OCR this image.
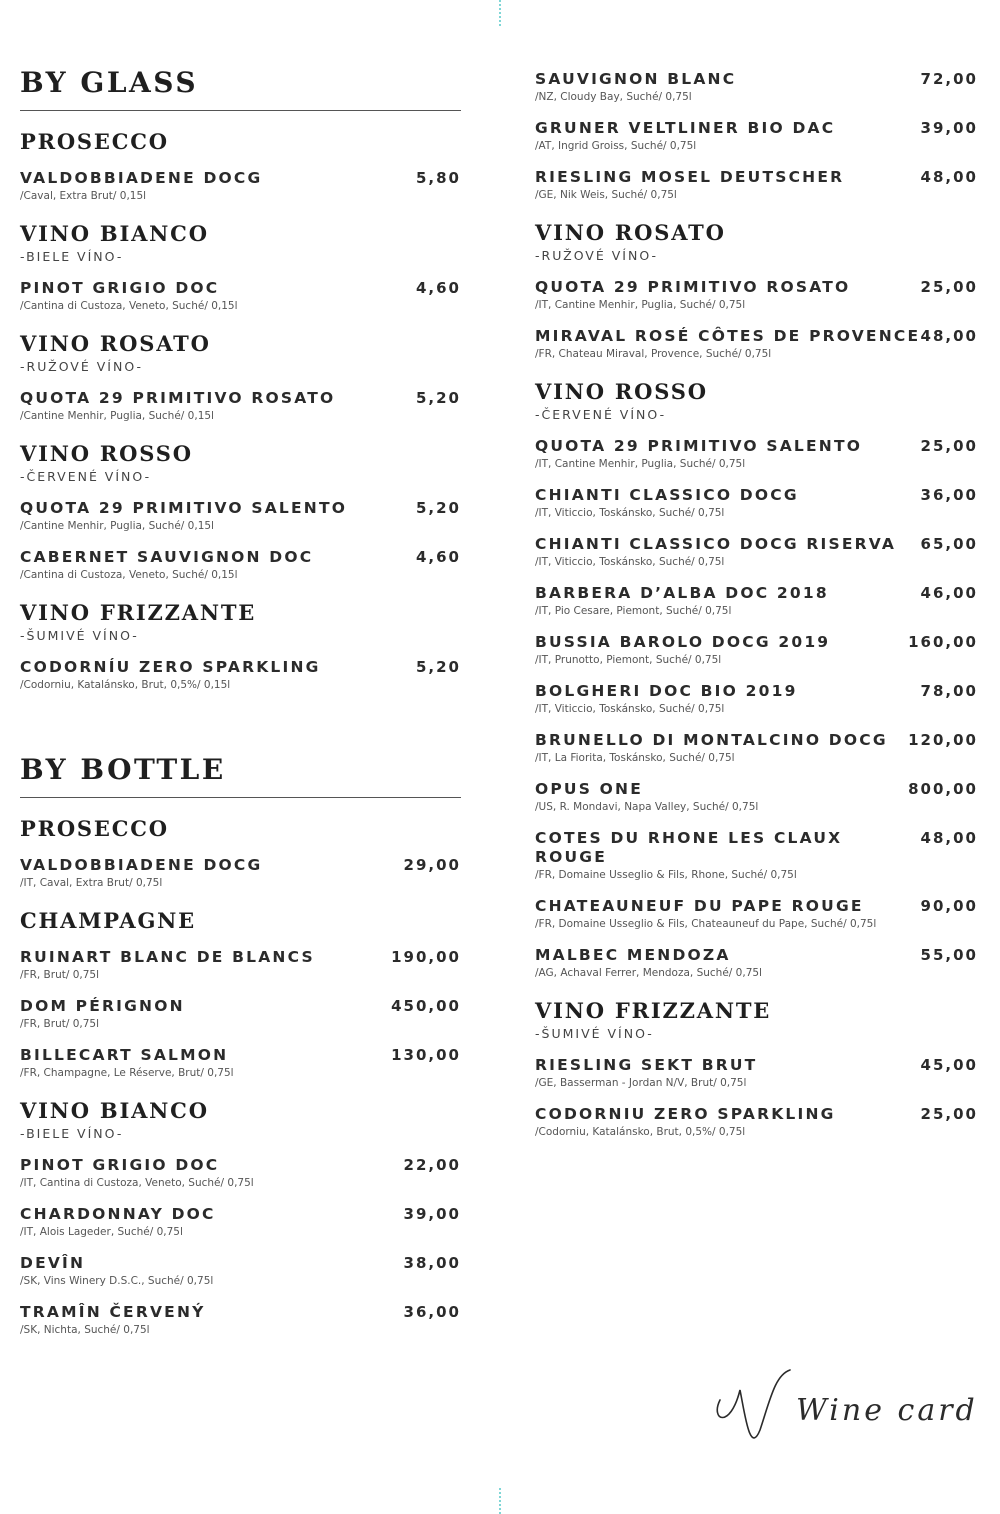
BY GLASS
PROSECCO
VALDOBBIADENE DOCG
/Caval, Extra Brut/ 0,15l
5,80
VINO BIANCO
-BIELE VÍNO-
PINOT GRIGIO DOC
/Cantina di Custoza, Veneto, Suché/ 0,15l
4,60
VINO ROSATO
-RUŽOVÉ VÍNO-
QUOTA 29 PRIMITIVO ROSATO
/Cantine Menhir, Puglia, Suché/ 0,15l
5,20
VINO ROSSO
-ČERVENÉ VÍNO-
QUOTA 29 PRIMITIVO SALENTO
/Cantine Menhir, Puglia, Suché/ 0,15l
5,20
CABERNET SAUVIGNON DOC
/Cantina di Custoza, Veneto, Suché/ 0,15l
4,60
VINO FRIZZANTE
-ŠUMIVÉ VÍNO-
CODORNÍU ZERO SPARKLING
/Codorniu, Katalánsko, Brut, 0,5%/ 0,15l
5,20
BY BOTTLE
PROSECCO
VALDOBBIADENE DOCG
/IT, Caval, Extra Brut/ 0,75l
29,00
CHAMPAGNE
RUINART BLANC DE BLANCS
/FR, Brut/ 0,75l
190,00
DOM PÉRIGNON
/FR, Brut/ 0,75l
450,00
BILLECART SALMON
/FR, Champagne, Le Réserve, Brut/ 0,75l
130,00
VINO BIANCO
-BIELE VÍNO-
PINOT GRIGIO DOC
/IT, Cantina di Custoza, Veneto, Suché/ 0,75l
22,00
CHARDONNAY DOC
/IT, Alois Lageder, Suché/ 0,75l
39,00
DEVÎN
/SK, Vins Winery D.S.C., Suché/ 0,75l
38,00
TRAMÎN ČERVENÝ
/SK, Nichta, Suché/ 0,75l
36,00
SAUVIGNON BLANC
/NZ, Cloudy Bay, Suché/ 0,75l
72,00
GRUNER VELTLINER BIO DAC
/AT, Ingrid Groiss, Suché/ 0,75l
39,00
RIESLING MOSEL DEUTSCHER
/GE, Nik Weis, Suché/ 0,75l
48,00
VINO ROSATO
-RUŽOVÉ VÍNO-
QUOTA 29 PRIMITIVO ROSATO
/IT, Cantine Menhir, Puglia, Suché/ 0,75l
25,00
MIRAVAL ROSÉ CÔTES DE PROVENCE
/FR, Chateau Miraval, Provence, Suché/ 0,75l
48,00
VINO ROSSO
-ČERVENÉ VÍNO-
QUOTA 29 PRIMITIVO SALENTO
/IT, Cantine Menhir, Puglia, Suché/ 0,75l
25,00
CHIANTI CLASSICO DOCG
/IT, Viticcio, Toskánsko, Suché/ 0,75l
36,00
CHIANTI CLASSICO DOCG RISERVA
/IT, Viticcio, Toskánsko, Suché/ 0,75l
65,00
BARBERA D’ALBA DOC 2018
/IT, Pio Cesare, Piemont, Suché/ 0,75l
46,00
BUSSIA BAROLO DOCG 2019
/IT, Prunotto, Piemont, Suché/ 0,75l
160,00
BOLGHERI DOC BIO 2019
/IT, Viticcio, Toskánsko, Suché/ 0,75l
78,00
BRUNELLO DI MONTALCINO DOCG
/IT, La Fiorita, Toskánsko, Suché/ 0,75l
120,00
OPUS ONE
/US, R. Mondavi, Napa Valley, Suché/ 0,75l
800,00
COTES DU RHONE LES CLAUX ROUGE
/FR, Domaine Usseglio & Fils, Rhone, Suché/ 0,75l
48,00
CHATEAUNEUF DU PAPE ROUGE
/FR, Domaine Usseglio & Fils, Chateauneuf du Pape, Suché/ 0,75l
90,00
MALBEC MENDOZA
/AG, Achaval Ferrer, Mendoza, Suché/ 0,75l
55,00
VINO FRIZZANTE
-ŠUMIVÉ VÍNO-
RIESLING SEKT BRUT
/GE, Basserman - Jordan N/V, Brut/ 0,75l
45,00
CODORNIU ZERO SPARKLING
/Codorniu, Katalánsko, Brut, 0,5%/ 0,75l
25,00
Wine card
